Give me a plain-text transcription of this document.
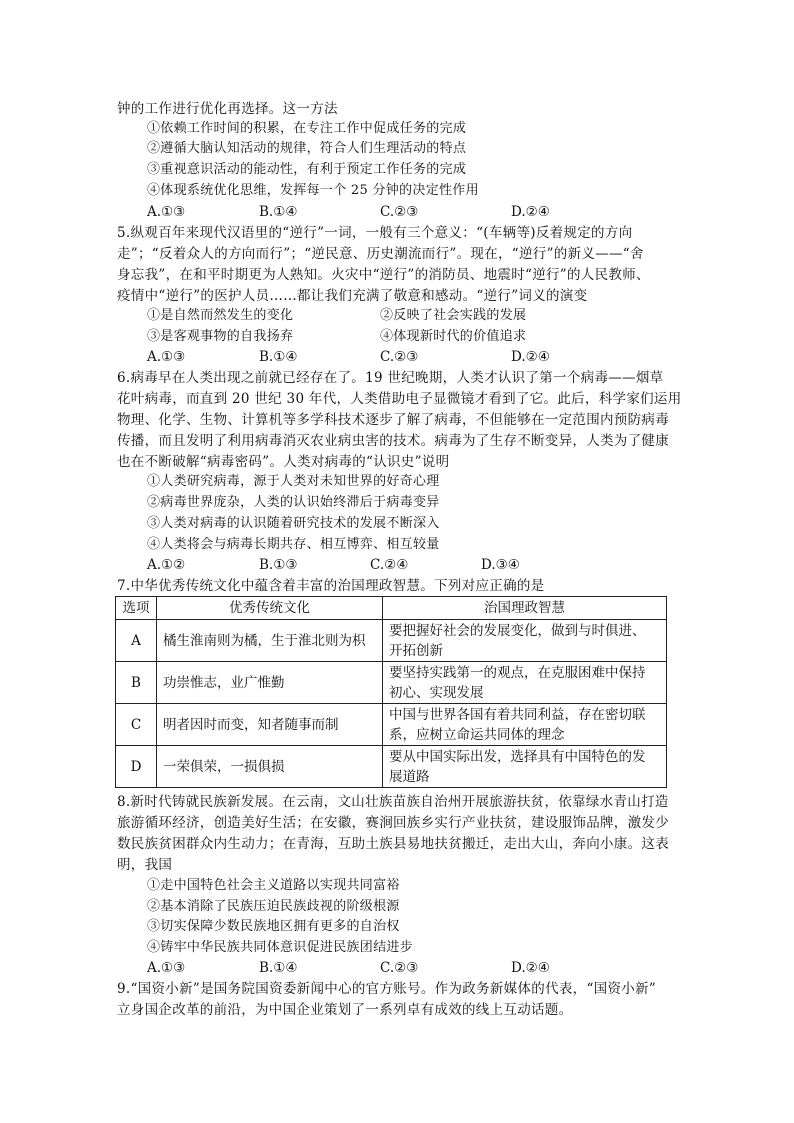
钟的工作进行优化再选择。这一方法
①依赖工作时间的积累，在专注工作中促成任务的完成
②遵循大脑认知活动的规律，符合人们生理活动的特点
③重视意识活动的能动性，有利于预定工作任务的完成
④体现系统优化思维，发挥每一个 25 分钟的决定性作用
A.①③	B.①④	C.②③	D.②④
5.纵观百年来现代汉语里的“逆行”一词，一般有三个意义：“(车辆等)反着规定的方向
走”；“反着众人的方向而行”；“逆民意、历史潮流而行”。现在，“逆行”的新义——“舍
身忘我”，在和平时期更为人熟知。火灾中“逆行”的消防员、地震时“逆行”的人民教师、
疫情中“逆行”的医护人员……都让我们充满了敬意和感动。“逆行”词义的演变
①是自然而然发生的变化	②反映了社会实践的发展
③是客观事物的自我扬弃	④体现新时代的价值追求
A.①③	B.①④	C.②③	D.②④
6.病毒早在人类出现之前就已经存在了。19 世纪晚期，人类才认识了第一个病毒——烟草
花叶病毒，而直到 20 世纪 30 年代，人类借助电子显微镜才看到了它。此后，科学家们运用
物理、化学、生物、计算机等多学科技术逐步了解了病毒，不但能够在一定范围内预防病毒
传播，而且发明了利用病毒消灭农业病虫害的技术。病毒为了生存不断变异，人类为了健康
也在不断破解“病毒密码”。人类对病毒的“认识史”说明
①人类研究病毒，源于人类对未知世界的好奇心理
②病毒世界庞杂，人类的认识始终滞后于病毒变异
③人类对病毒的认识随着研究技术的发展不断深入
④人类将会与病毒长期共存、相互博弈、相互较量
A.①②	B.①③	C.②④	D.③④
7.中华优秀传统文化中蕴含着丰富的治国理政智慧。下列对应正确的是
选项	优秀传统文化	治国理政智慧
A	橘生淮南则为橘，生于淮北则为枳	要把握好社会的发展变化，做到与时俱进、
开拓创新

B	功崇惟志，业广惟勤	要坚持实践第一的观点，在克服困难中保持
初心、实现发展

C	明者因时而变，知者随事而制	中国与世界各国有着共同利益，存在密切联
系，应树立命运共同体的理念

D	一荣俱荣，一损俱损	要从中国实际出发，选择具有中国特色的发
展道路
8.新时代铸就民族新发展。在云南，文山壮族苗族自治州开展旅游扶贫，依靠绿水青山打造
旅游循环经济，创造美好生活；在安徽，赛涧回族乡实行产业扶贫，建设服饰品牌，激发少
数民族贫困群众内生动力；在青海，互助土族县易地扶贫搬迁，走出大山，奔向小康。这表
明，我国
①走中国特色社会主义道路以实现共同富裕
②基本消除了民族压迫民族歧视的阶级根源
③切实保障少数民族地区拥有更多的自治权
④铸牢中华民族共同体意识促进民族团结进步
A.①③	B.①④	C.②③	D.②④
9.“国资小新”是国务院国资委新闻中心的官方账号。作为政务新媒体的代表，“国资小新”
立身国企改革的前沿，为中国企业策划了一系列卓有成效的线上互动话题。
